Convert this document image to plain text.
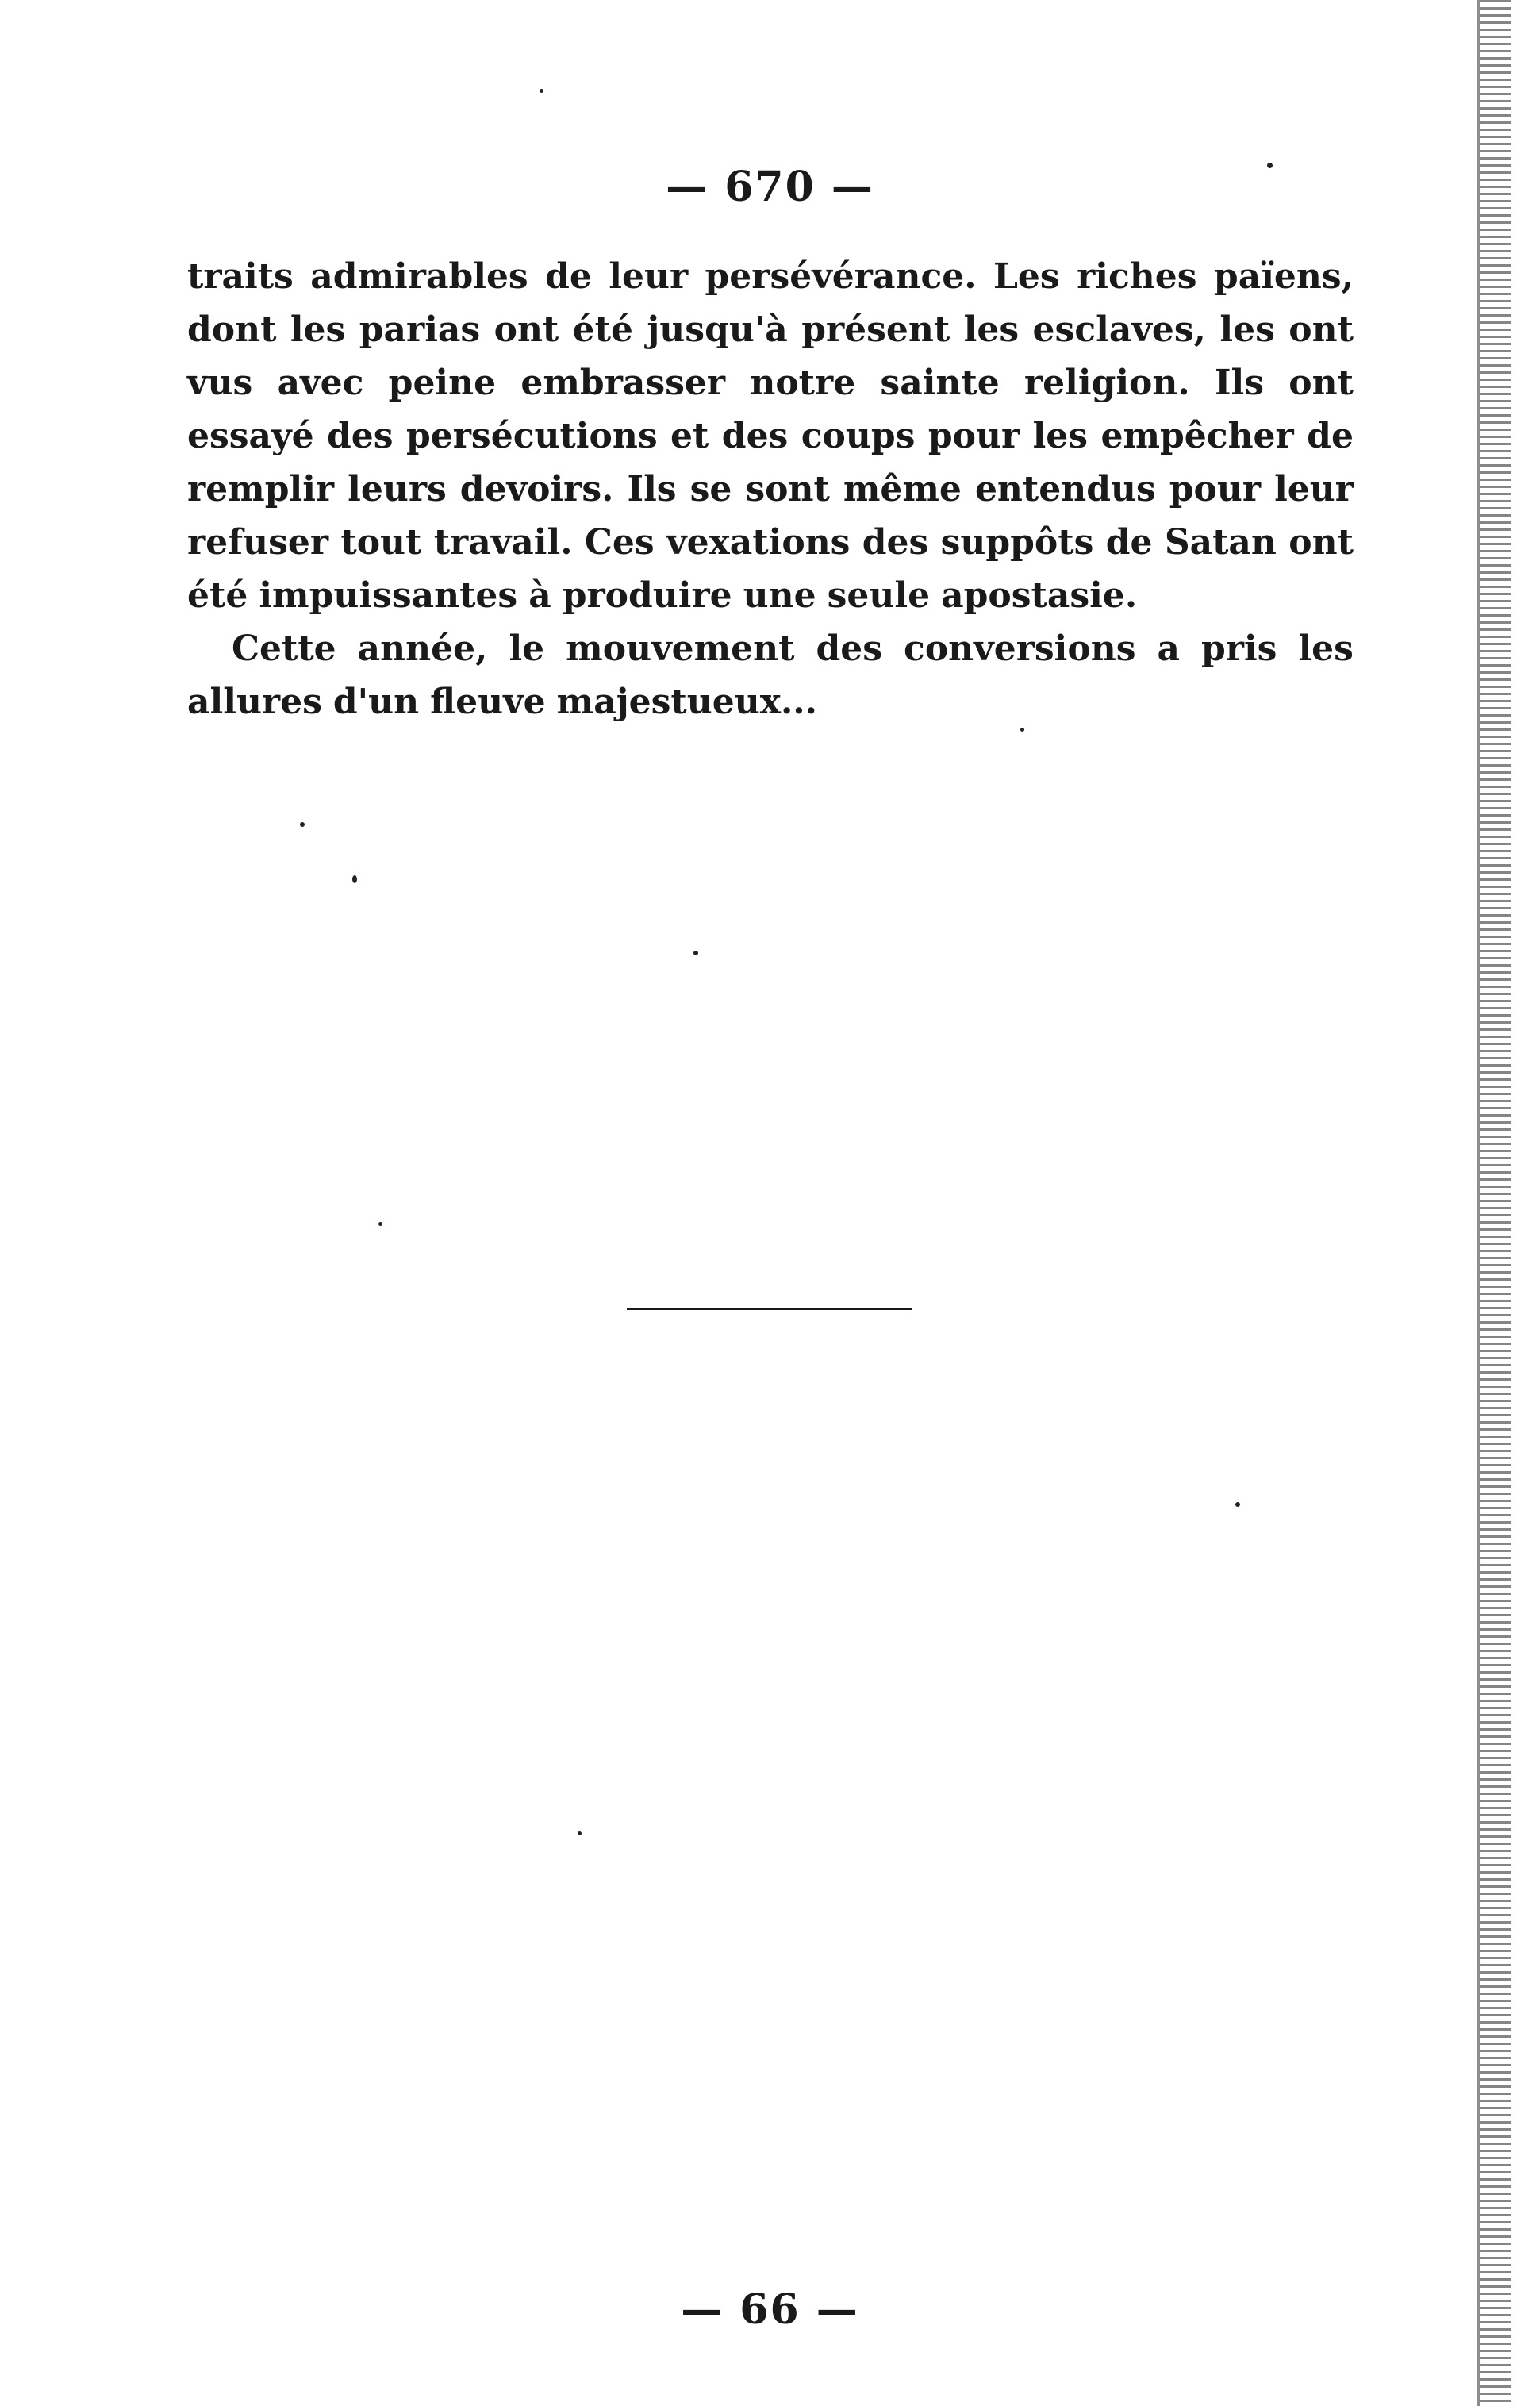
— 670 —
traits admirables de leur persévérance. Les riches païens,
dont les parias ont été jusqu'à présent les esclaves, les ont
vus avec peine embrasser notre sainte religion. Ils ont
essayé des persécutions et des coups pour les empêcher de
remplir leurs devoirs. Ils se sont même entendus pour leur
refuser tout travail. Ces vexations des suppôts de Satan ont
été impuissantes à produire une seule apostasie.
Cette année, le mouvement des conversions a pris les
allures d'un fleuve majestueux...
— 66 —
